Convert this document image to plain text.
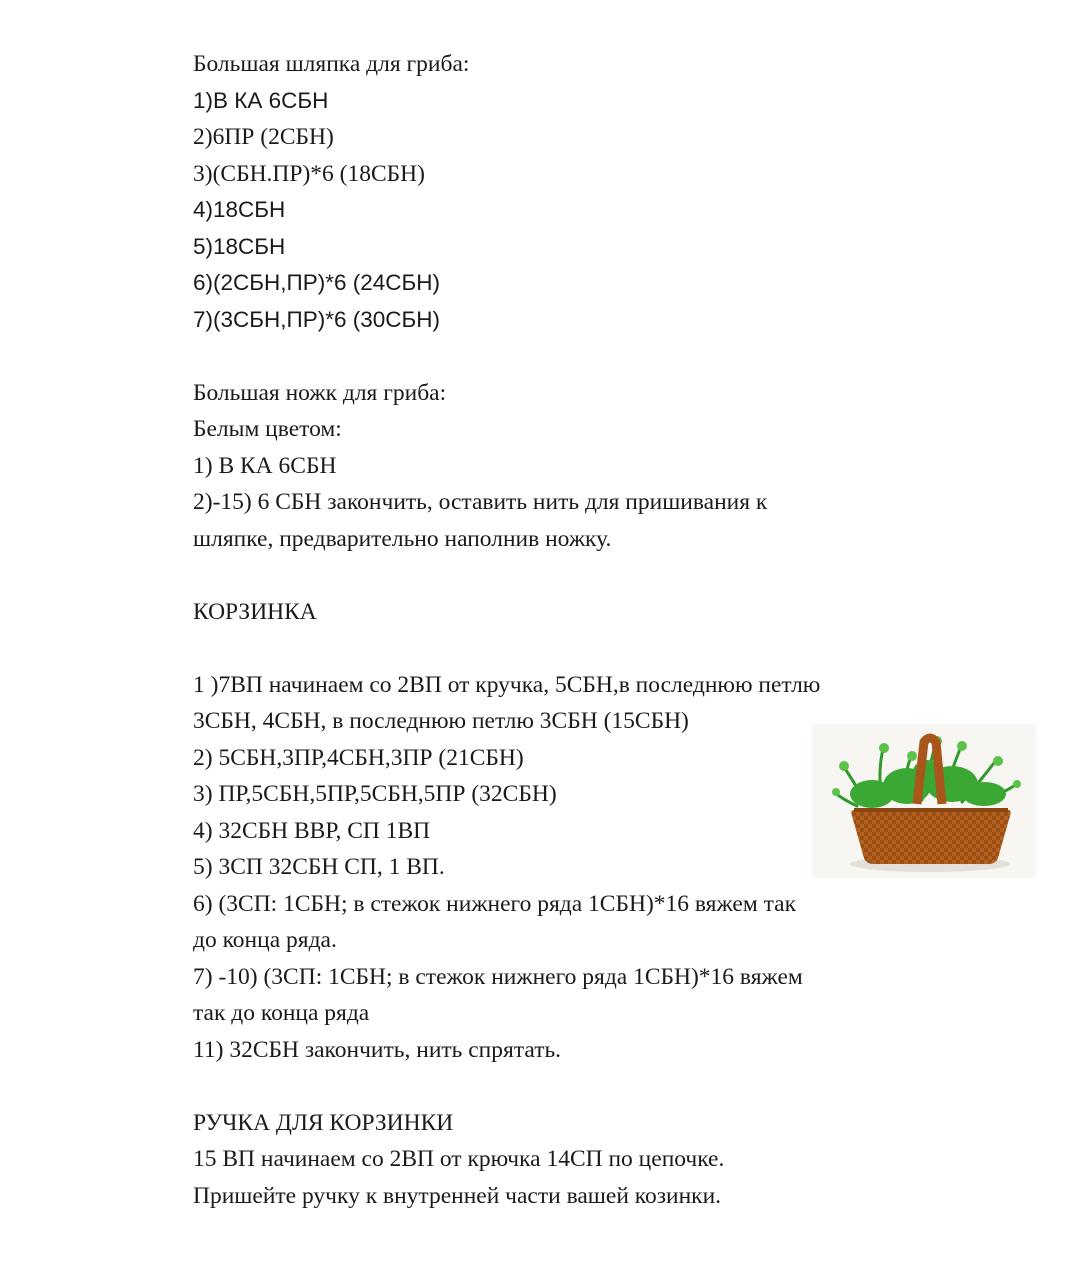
Большая шляпка для гриба:
1)В КА 6СБН
2)6ПР (2СБН)
3)(СБН.ПР)*6 (18СБН)
4)18СБН
5)18СБН
6)(2СБН,ПР)*6 (24СБН)
7)(3СБН,ПР)*6 (30СБН)
Большая ножк для гриба:
Белым цветом:
1) В КА 6СБН
2)-15) 6 СБН закончить, оставить нить для пришивания к
шляпке, предварительно наполнив ножку.
КОРЗИНКА
1 )7ВП начинаем со 2ВП от кручка, 5СБН,в последнюю петлю
3СБН, 4СБН, в последнюю петлю 3СБН (15СБН)
2) 5СБН,3ПР,4СБН,3ПР (21СБН)
3) ПР,5СБН,5ПР,5СБН,5ПР (32СБН)
4) 32СБН ВВР, СП 1ВП
5) 3СП 32СБН СП, 1 ВП.
6) (3СП: 1СБН; в стежок нижнего ряда 1СБН)*16 вяжем так
до конца ряда.
7) -10) (3СП: 1СБН; в стежок нижнего ряда 1СБН)*16 вяжем
так до конца ряда
11) 32СБН закончить, нить спрятать.
РУЧКА ДЛЯ КОРЗИНКИ
15 ВП начинаем со 2ВП от крючка 14СП по цепочке.
Пришейте ручку к внутренней части вашей козинки.
